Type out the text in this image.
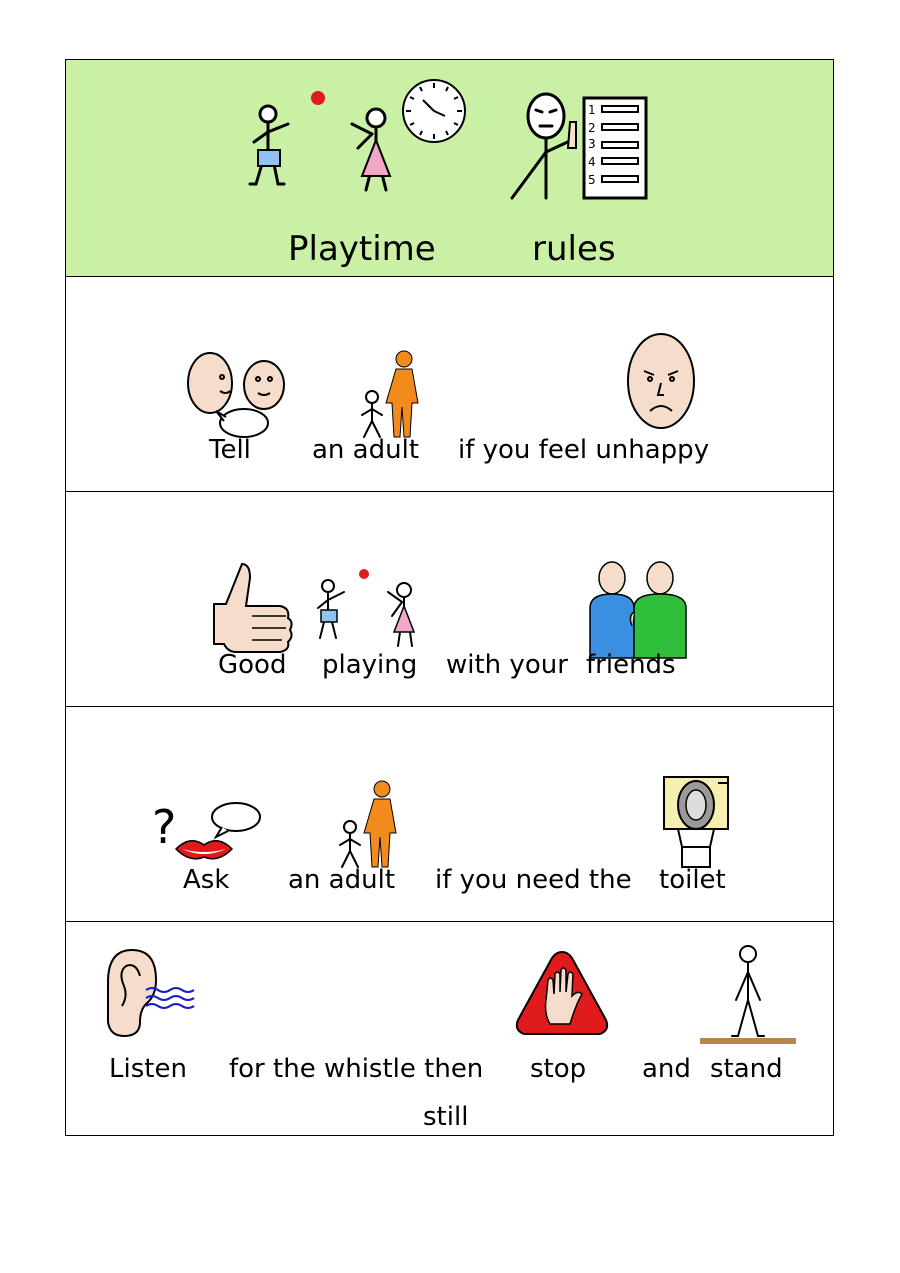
1
2
3
4
5
Playtime	rules
Tell an adult if you feel unhappy
Good playing with your friends
?
Ask an adult if you need the toilet
Listen for the whistle then stop and stand
still
